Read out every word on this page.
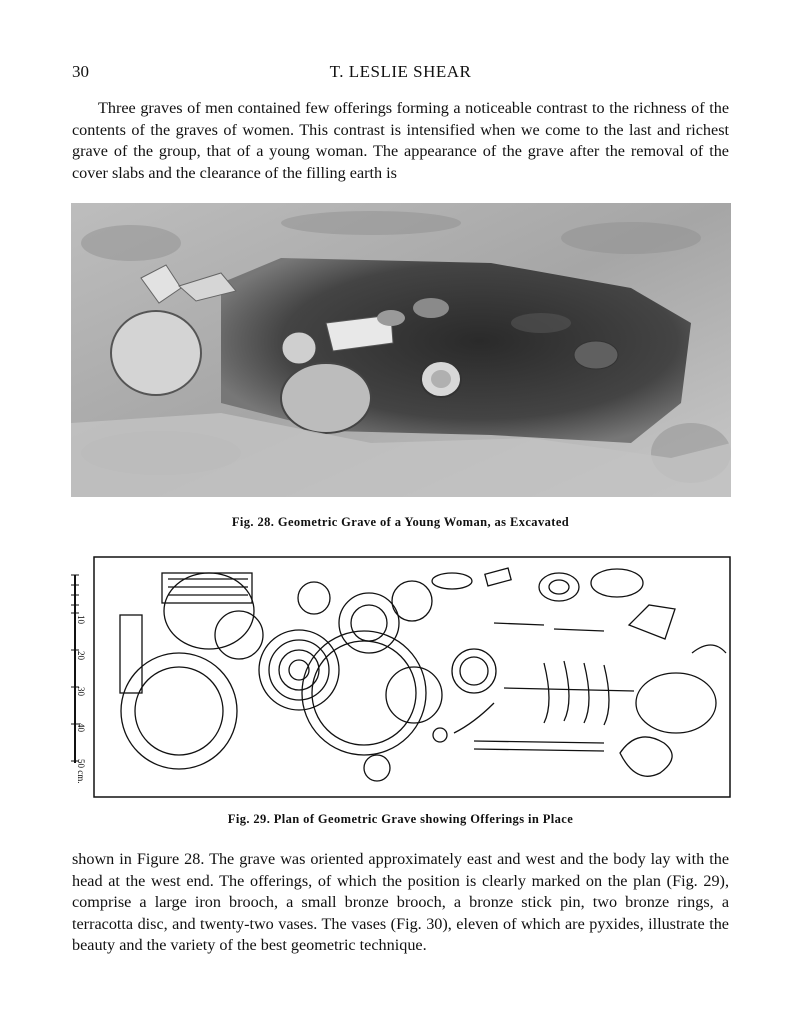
30	T. LESLIE SHEAR

Three graves of men contained few offerings forming a noticeable contrast to the richness of the contents of the graves of women. This contrast is intensified when we come to the last and richest grave of the group, that of a young woman. The appearance of the grave after the removal of the cover slabs and the clearance of the filling earth is

Fig. 28. Geometric Grave of a Young Woman, as Excavated
10
20
30
40
50 cm.
Fig. 29. Plan of Geometric Grave showing Offerings in Place

shown in Figure 28. The grave was oriented approximately east and west and the body lay with the head at the west end. The offerings, of which the position is clearly marked on the plan (Fig. 29), comprise a large iron brooch, a small bronze brooch, a bronze stick pin, two bronze rings, a terracotta disc, and twenty-two vases. The vases (Fig. 30), eleven of which are pyxides, illustrate the beauty and the variety of the best geometric technique.
